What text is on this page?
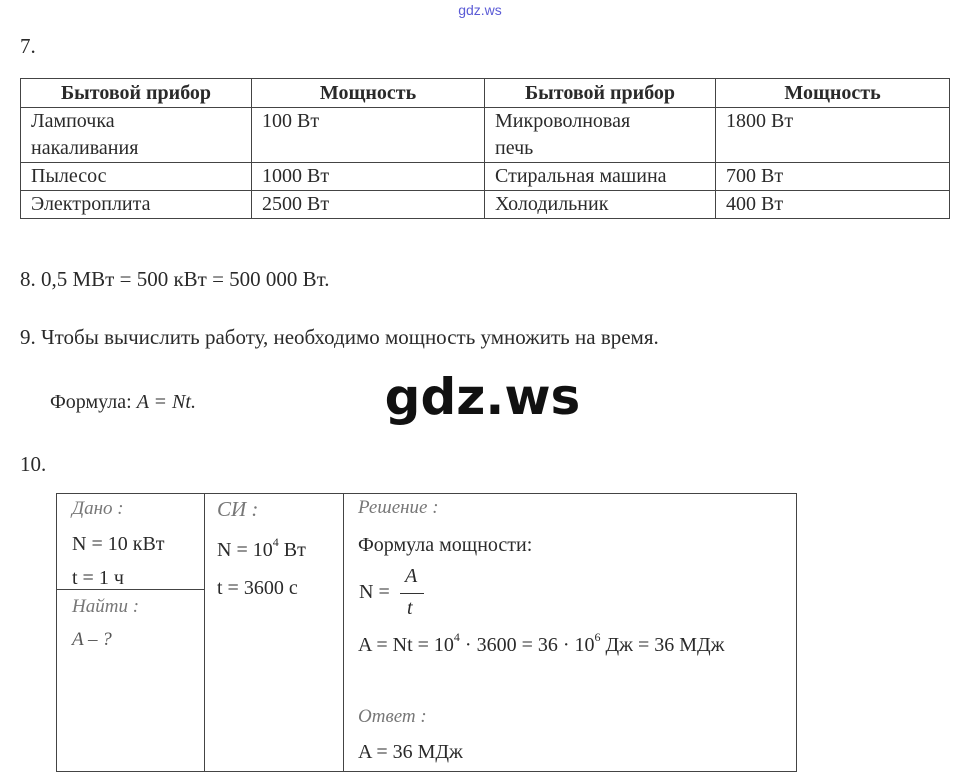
gdz.ws
7.
Бытовой прибор	Мощность	Бытовой прибор	Мощность
Лампочка накаливания	100 Вт	Микроволновая печь	1800 Вт
Пылесос	1000 Вт	Стиральная машина	700 Вт
Электроплита	2500 Вт	Холодильник	400 Вт
8. 0,5 МВт = 500 кВт = 500 000 Вт.
9. Чтобы вычислить работу, необходимо мощность умножить на время.
Формула: A = Nt.	gdz.ws
10.
Дано :
N = 10 кВт
t = 1 ч
Найти :
A – ?
СИ :
$N = 10^4$ Вт
t = 3600 с
Решение :
Формула мощности:
N =
A
t
$A = Nt = 10^4 \cdot 3600 = 36 \cdot 10^6$ Дж = 36 МДж
Ответ :
A = 36 МДж
